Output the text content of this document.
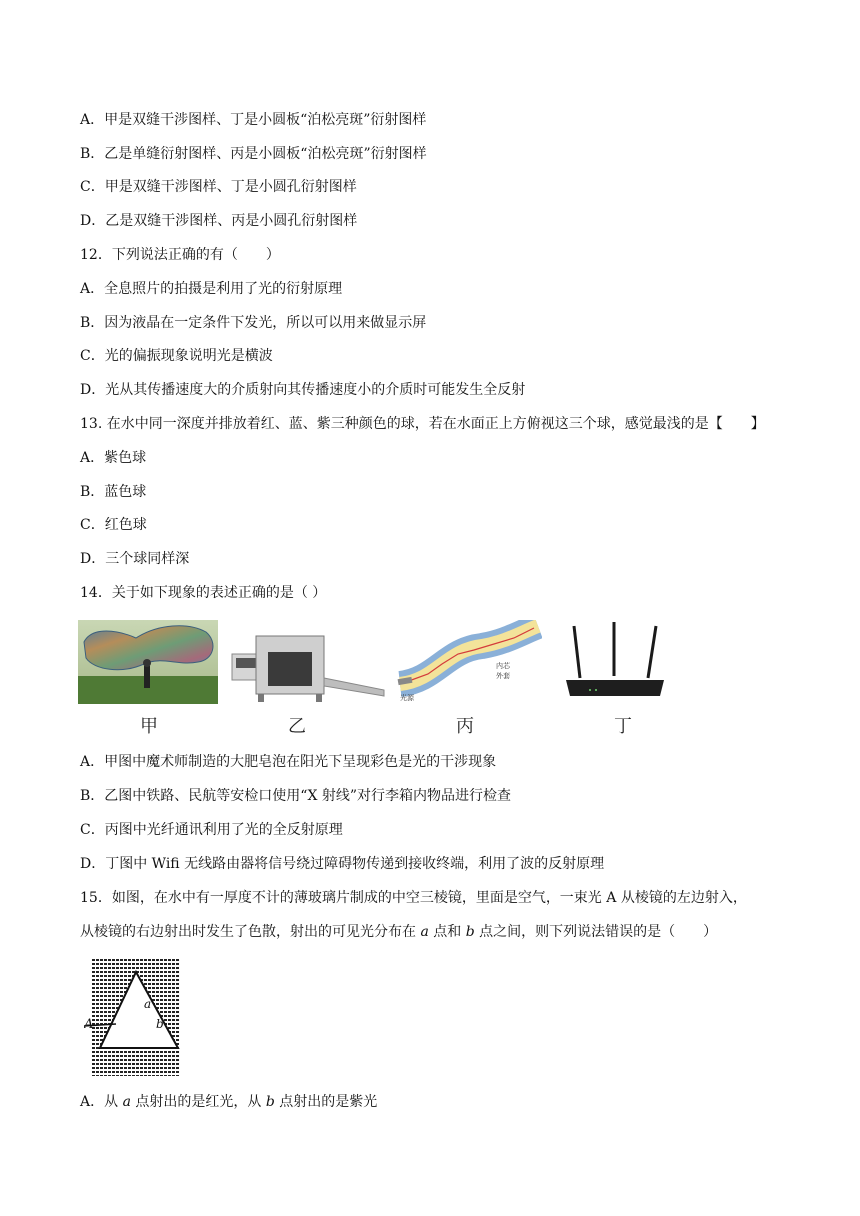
A．甲是双缝干涉图样、丁是小圆板“泊松亮斑”衍射图样
B．乙是单缝衍射图样、丙是小圆板“泊松亮斑”衍射图样
C．甲是双缝干涉图样、丁是小圆孔衍射图样
D．乙是双缝干涉图样、丙是小圆孔衍射图样
12．下列说法正确的有（　　）
A．全息照片的拍摄是利用了光的衍射原理
B．因为液晶在一定条件下发光，所以可以用来做显示屏
C．光的偏振现象说明光是横波
D．光从其传播速度大的介质射向其传播速度小的介质时可能发生全反射
13. 在水中同一深度并排放着红、蓝、紫三种颜色的球，若在水面正上方俯视这三个球，感觉最浅的是【　　】
A．紫色球
B．蓝色球
C．红色球
D．三个球同样深
14．关于如下现象的表述正确的是（ ）
甲	乙
光源
内芯
外套
丙	丁
A．甲图中魔术师制造的大肥皂泡在阳光下呈现彩色是光的干涉现象
B．乙图中铁路、民航等安检口使用“X 射线”对行李箱内物品进行检查
C．丙图中光纤通讯利用了光的全反射原理
D．丁图中 Wifi 无线路由器将信号绕过障碍物传递到接收终端，利用了波的反射原理
15．如图，在水中有一厚度不计的薄玻璃片制成的中空三棱镜，里面是空气，一束光 A 从棱镜的左边射入，
从棱镜的右边射出时发生了色散，射出的可见光分布在 a 点和 b 点之间，则下列说法错误的是（　　）
A
a
b
A．从 a 点射出的是红光，从 b 点射出的是紫光
